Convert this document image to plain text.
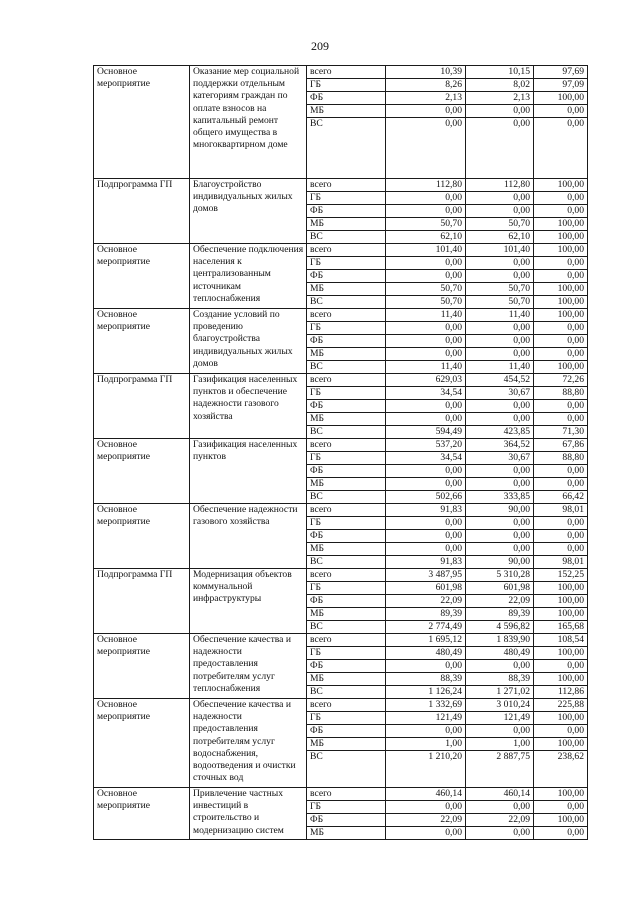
209
Основное мероприятие	Оказание мер социальной поддержки отдельным категориям граждан по оплате взносов на капитальный ремонт общего имущества в многоквартирном доме	всего	10,39	10,15	97,69
		ГБ	8,26	8,02	97,09
		ФБ	2,13	2,13	100,00
		МБ	0,00	0,00	0,00
		ВС	0,00	0,00	0,00
Подпрограмма ГП	Благоустройство индивидуальных жилых домов	всего	112,80	112,80	100,00
		ГБ	0,00	0,00	0,00
		ФБ	0,00	0,00	0,00
		МБ	50,70	50,70	100,00
		ВС	62,10	62,10	100,00
Основное мероприятие	Обеспечение подключения населения к централизованным источникам теплоснабжения	всего	101,40	101,40	100,00
		ГБ	0,00	0,00	0,00
		ФБ	0,00	0,00	0,00
		МБ	50,70	50,70	100,00
		ВС	50,70	50,70	100,00
Основное мероприятие	Создание условий по проведению благоустройства индивидуальных жилых домов	всего	11,40	11,40	100,00
		ГБ	0,00	0,00	0,00
		ФБ	0,00	0,00	0,00
		МБ	0,00	0,00	0,00
		ВС	11,40	11,40	100,00
Подпрограмма ГП	Газификация населенных пунктов и обеспечение надежности газового хозяйства	всего	629,03	454,52	72,26
		ГБ	34,54	30,67	88,80
		ФБ	0,00	0,00	0,00
		МБ	0,00	0,00	0,00
		ВС	594,49	423,85	71,30
Основное мероприятие	Газификация населенных пунктов	всего	537,20	364,52	67,86
		ГБ	34,54	30,67	88,80
		ФБ	0,00	0,00	0,00
		МБ	0,00	0,00	0,00
		ВС	502,66	333,85	66,42
Основное мероприятие	Обеспечение надежности газового хозяйства	всего	91,83	90,00	98,01
		ГБ	0,00	0,00	0,00
		ФБ	0,00	0,00	0,00
		МБ	0,00	0,00	0,00
		ВС	91,83	90,00	98,01
Подпрограмма ГП	Модернизация объектов коммунальной инфраструктуры	всего	3 487,95	5 310,28	152,25
		ГБ	601,98	601,98	100,00
		ФБ	22,09	22,09	100,00
		МБ	89,39	89,39	100,00
		ВС	2 774,49	4 596,82	165,68
Основное мероприятие	Обеспечение качества и надежности предоставления потребителям услуг теплоснабжения	всего	1 695,12	1 839,90	108,54
		ГБ	480,49	480,49	100,00
		ФБ	0,00	0,00	0,00
		МБ	88,39	88,39	100,00
		ВС	1 126,24	1 271,02	112,86
Основное мероприятие	Обеспечение качества и надежности предоставления потребителям услуг водоснабжения, водоотведения и очистки сточных вод	всего	1 332,69	3 010,24	225,88
		ГБ	121,49	121,49	100,00
		ФБ	0,00	0,00	0,00
		МБ	1,00	1,00	100,00
		ВС	1 210,20	2 887,75	238,62
Основное мероприятие	Привлечение частных инвестиций в строительство и модернизацию систем	всего	460,14	460,14	100,00
		ГБ	0,00	0,00	0,00
		ФБ	22,09	22,09	100,00
		МБ	0,00	0,00	0,00
